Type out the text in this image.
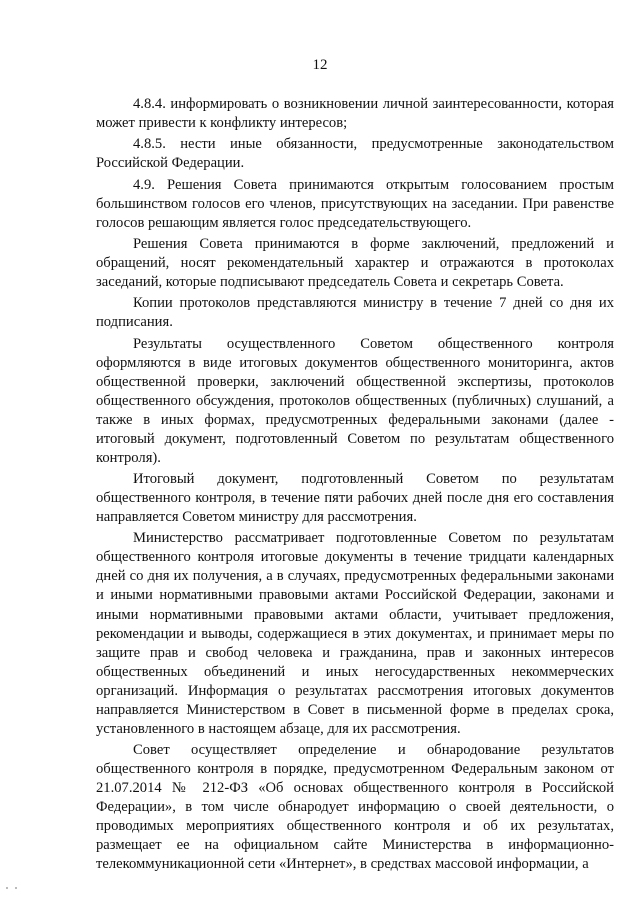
12

4.8.4. информировать о возникновении личной заинтересованности, которая может привести к конфликту интересов;

4.8.5. нести иные обязанности, предусмотренные законодательством Российской Федерации.

4.9. Решения Совета принимаются открытым голосованием простым большинством голосов его членов, присутствующих на заседании. При равенстве голосов решающим является голос председательствующего.

Решения Совета принимаются в форме заключений, предложений и обращений, носят рекомендательный характер и отражаются в протоколах заседаний, которые подписывают председатель Совета и секретарь Совета.

Копии протоколов представляются министру в течение 7 дней со дня их подписания.

Результаты осуществленного Советом общественного контроля оформляются в виде итоговых документов общественного мониторинга, актов общественной проверки, заключений общественной экспертизы, протоколов общественного обсуждения, протоколов общественных (публичных) слушаний, а также в иных формах, предусмотренных федеральными законами (далее - итоговый документ, подготовленный Советом по результатам общественного контроля).

Итоговый документ, подготовленный Советом по результатам общественного контроля, в течение пяти рабочих дней после дня его составления направляется Советом министру для рассмотрения.

Министерство рассматривает подготовленные Советом по результатам общественного контроля итоговые документы в течение тридцати календарных дней со дня их получения, а в случаях, предусмотренных федеральными законами и иными нормативными правовыми актами Российской Федерации, законами и иными нормативными правовыми актами области, учитывает предложения, рекомендации и выводы, содержащиеся в этих документах, и принимает меры по защите прав и свобод человека и гражданина, прав и законных интересов общественных объединений и иных негосударственных некоммерческих организаций. Информация о результатах рассмотрения итоговых документов направляется Министерством в Совет в письменной форме в пределах срока, установленного в настоящем абзаце, для их рассмотрения.

Совет осуществляет определение и обнародование результатов общественного контроля в порядке, предусмотренном Федеральным законом от 21.07.2014 № 212-ФЗ «Об основах общественного контроля в Российской Федерации», в том числе обнародует информацию о своей деятельности, о проводимых мероприятиях общественного контроля и об их результатах, размещает ее на официальном сайте Министерства в информационно-телекоммуникационной сети «Интернет», в средствах массовой информации, а
